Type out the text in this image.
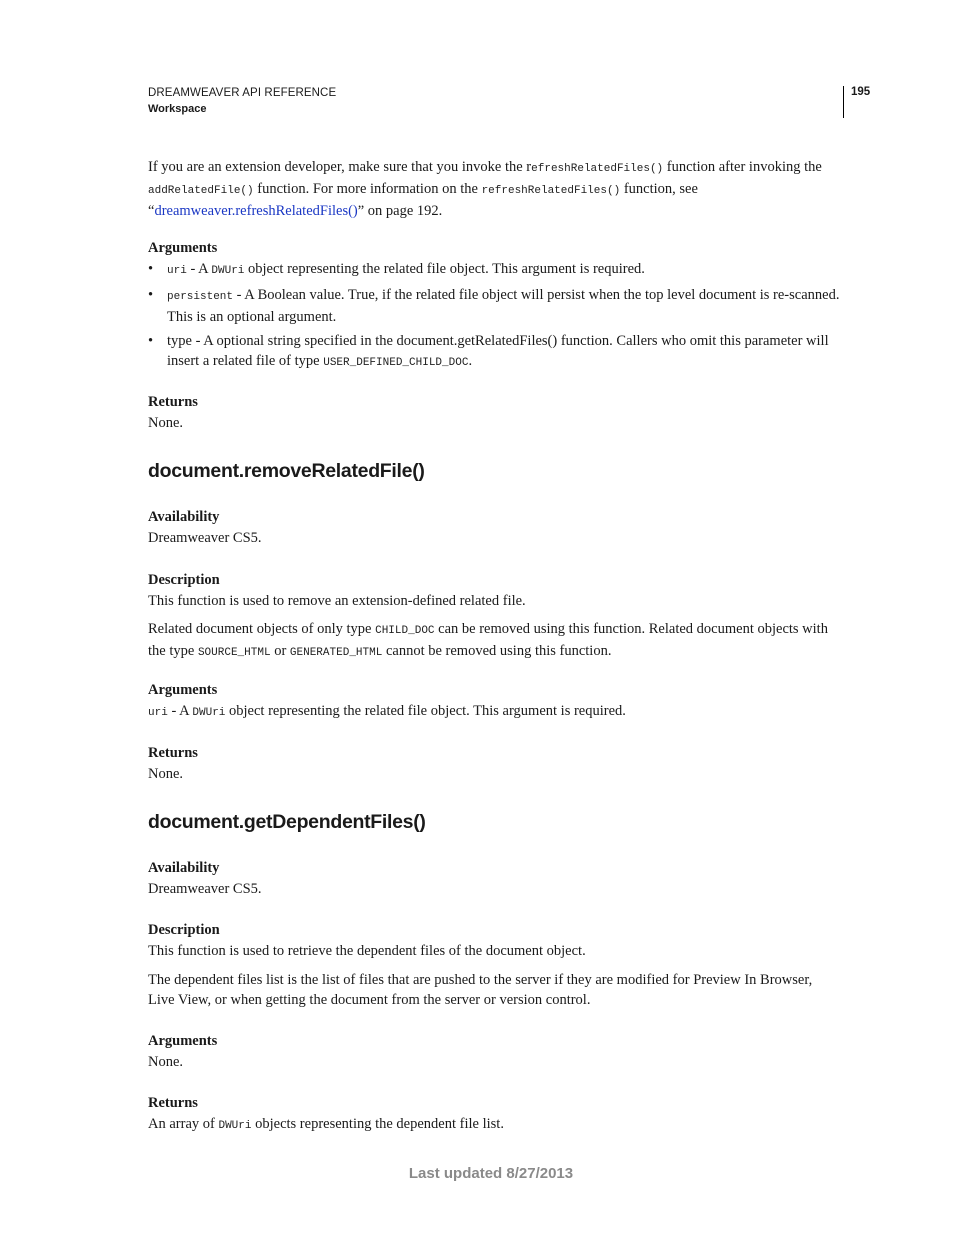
DREAMWEAVER API REFERENCE
Workspace
195
If you are an extension developer, make sure that you invoke the refreshRelatedFiles() function after invoking the addRelatedFile() function. For more information on the refreshRelatedFiles() function, see “dreamweaver.refreshRelatedFiles()” on page 192.
Arguments
• uri - A DWUri object representing the related file object. This argument is required.
• persistent - A Boolean value. True, if the related file object will persist when the top level document is re-scanned. This is an optional argument.
• type - A optional string specified in the document.getRelatedFiles() function. Callers who omit this parameter will insert a related file of type USER_DEFINED_CHILD_DOC.
Returns
None.
document.removeRelatedFile()
Availability
Dreamweaver CS5.
Description
This function is used to remove an extension-defined related file.
Related document objects of only type CHILD_DOC can be removed using this function. Related document objects with the type SOURCE_HTML or GENERATED_HTML cannot be removed using this function.
Arguments
uri - A DWUri object representing the related file object. This argument is required.
Returns
None.
document.getDependentFiles()
Availability
Dreamweaver CS5.
Description
This function is used to retrieve the dependent files of the document object.
The dependent files list is the list of files that are pushed to the server if they are modified for Preview In Browser, Live View, or when getting the document from the server or version control.
Arguments
None.
Returns
An array of DWUri objects representing the dependent file list.
Last updated 8/27/2013
